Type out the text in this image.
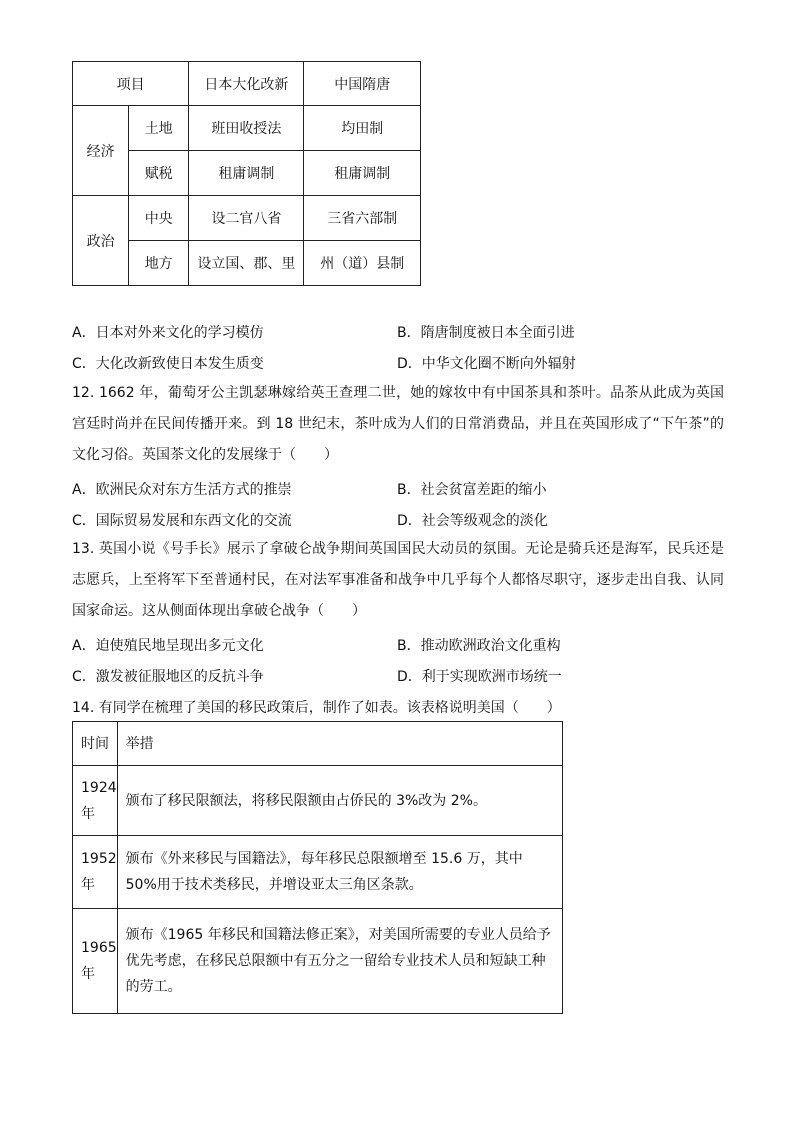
项目		日本大化改新	中国隋唐
经济	土地	班田收授法	均田制
	赋税	租庸调制	租庸调制
政治	中央	设二官八省	三省六部制
	地方	设立国、郡、里	州（道）县制
A．日本对外来文化的学习模仿	B．隋唐制度被日本全面引进
C．大化改新致使日本发生质变	D．中华文化圈不断向外辐射
12. 1662 年，葡萄牙公主凯瑟琳嫁给英王查理二世，她的嫁妆中有中国茶具和茶叶。品茶从此成为英国宫廷时尚并在民间传播开来。到 18 世纪末，茶叶成为人们的日常消费品，并且在英国形成了“下午茶”的文化习俗。英国茶文化的发展缘于（　　）
A．欧洲民众对东方生活方式的推崇	B．社会贫富差距的缩小
C．国际贸易发展和东西文化的交流	D．社会等级观念的淡化
13. 英国小说《号手长》展示了拿破仑战争期间英国国民大动员的氛围。无论是骑兵还是海军，民兵还是志愿兵，上至将军下至普通村民，在对法军事准备和战争中几乎每个人都恪尽职守，逐步走出自我、认同国家命运。这从侧面体现出拿破仑战争（　　）
A．迫使殖民地呈现出多元文化	B．推动欧洲政治文化重构
C．激发被征服地区的反抗斗争	D．利于实现欧洲市场统一
14. 有同学在梳理了美国的移民政策后，制作了如表。该表格说明美国（　　）
时间	举措

1924
年	颁布了移民限额法，将移民限额由占侨民的 3%改为 2%。

1952
年	颁布《外来移民与国籍法》，每年移民总限额增至 15.6 万，其中 50%用于技术类移民，并增设亚太三角区条款。

1965
年	颁布《1965 年移民和国籍法修正案》，对美国所需要的专业人员给予优先考虑，在移民总限额中有五分之一留给专业技术人员和短缺工种的劳工。
